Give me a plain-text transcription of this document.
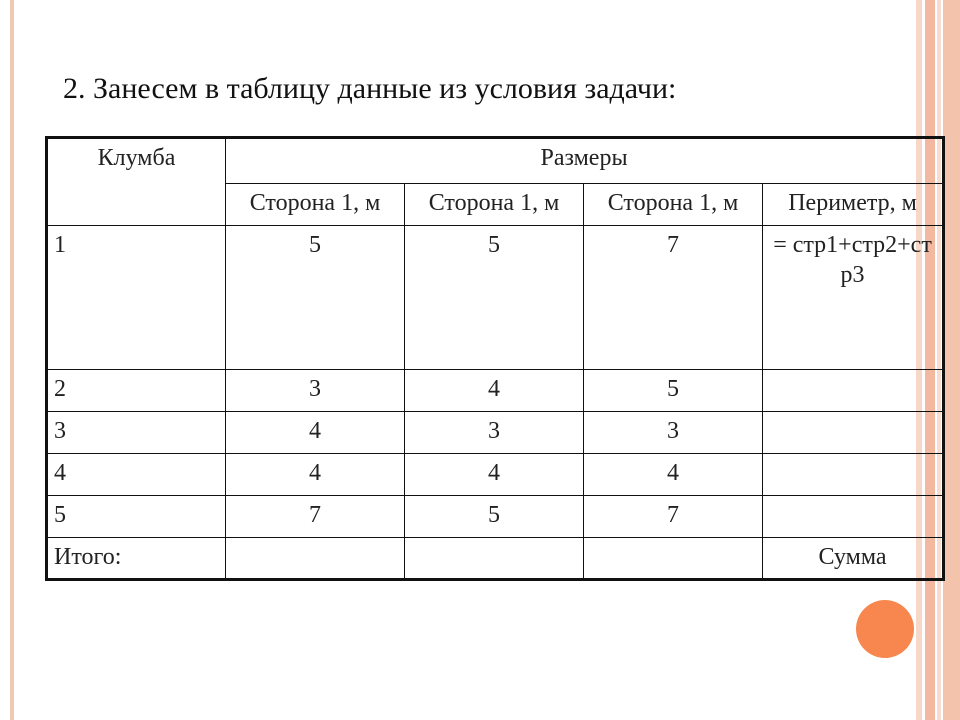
2. Занесем в таблицу данные из условия задачи:
Клумба	Размеры			
	Сторона 1, м	Сторона 1, м	Сторона 1, м	Периметр, м
1	5	5	7	= стр1+стр2+стр3
2	3	4	5	
3	4	3	3	
4	4	4	4	
5	7	5	7	
Итого:				Сумма
